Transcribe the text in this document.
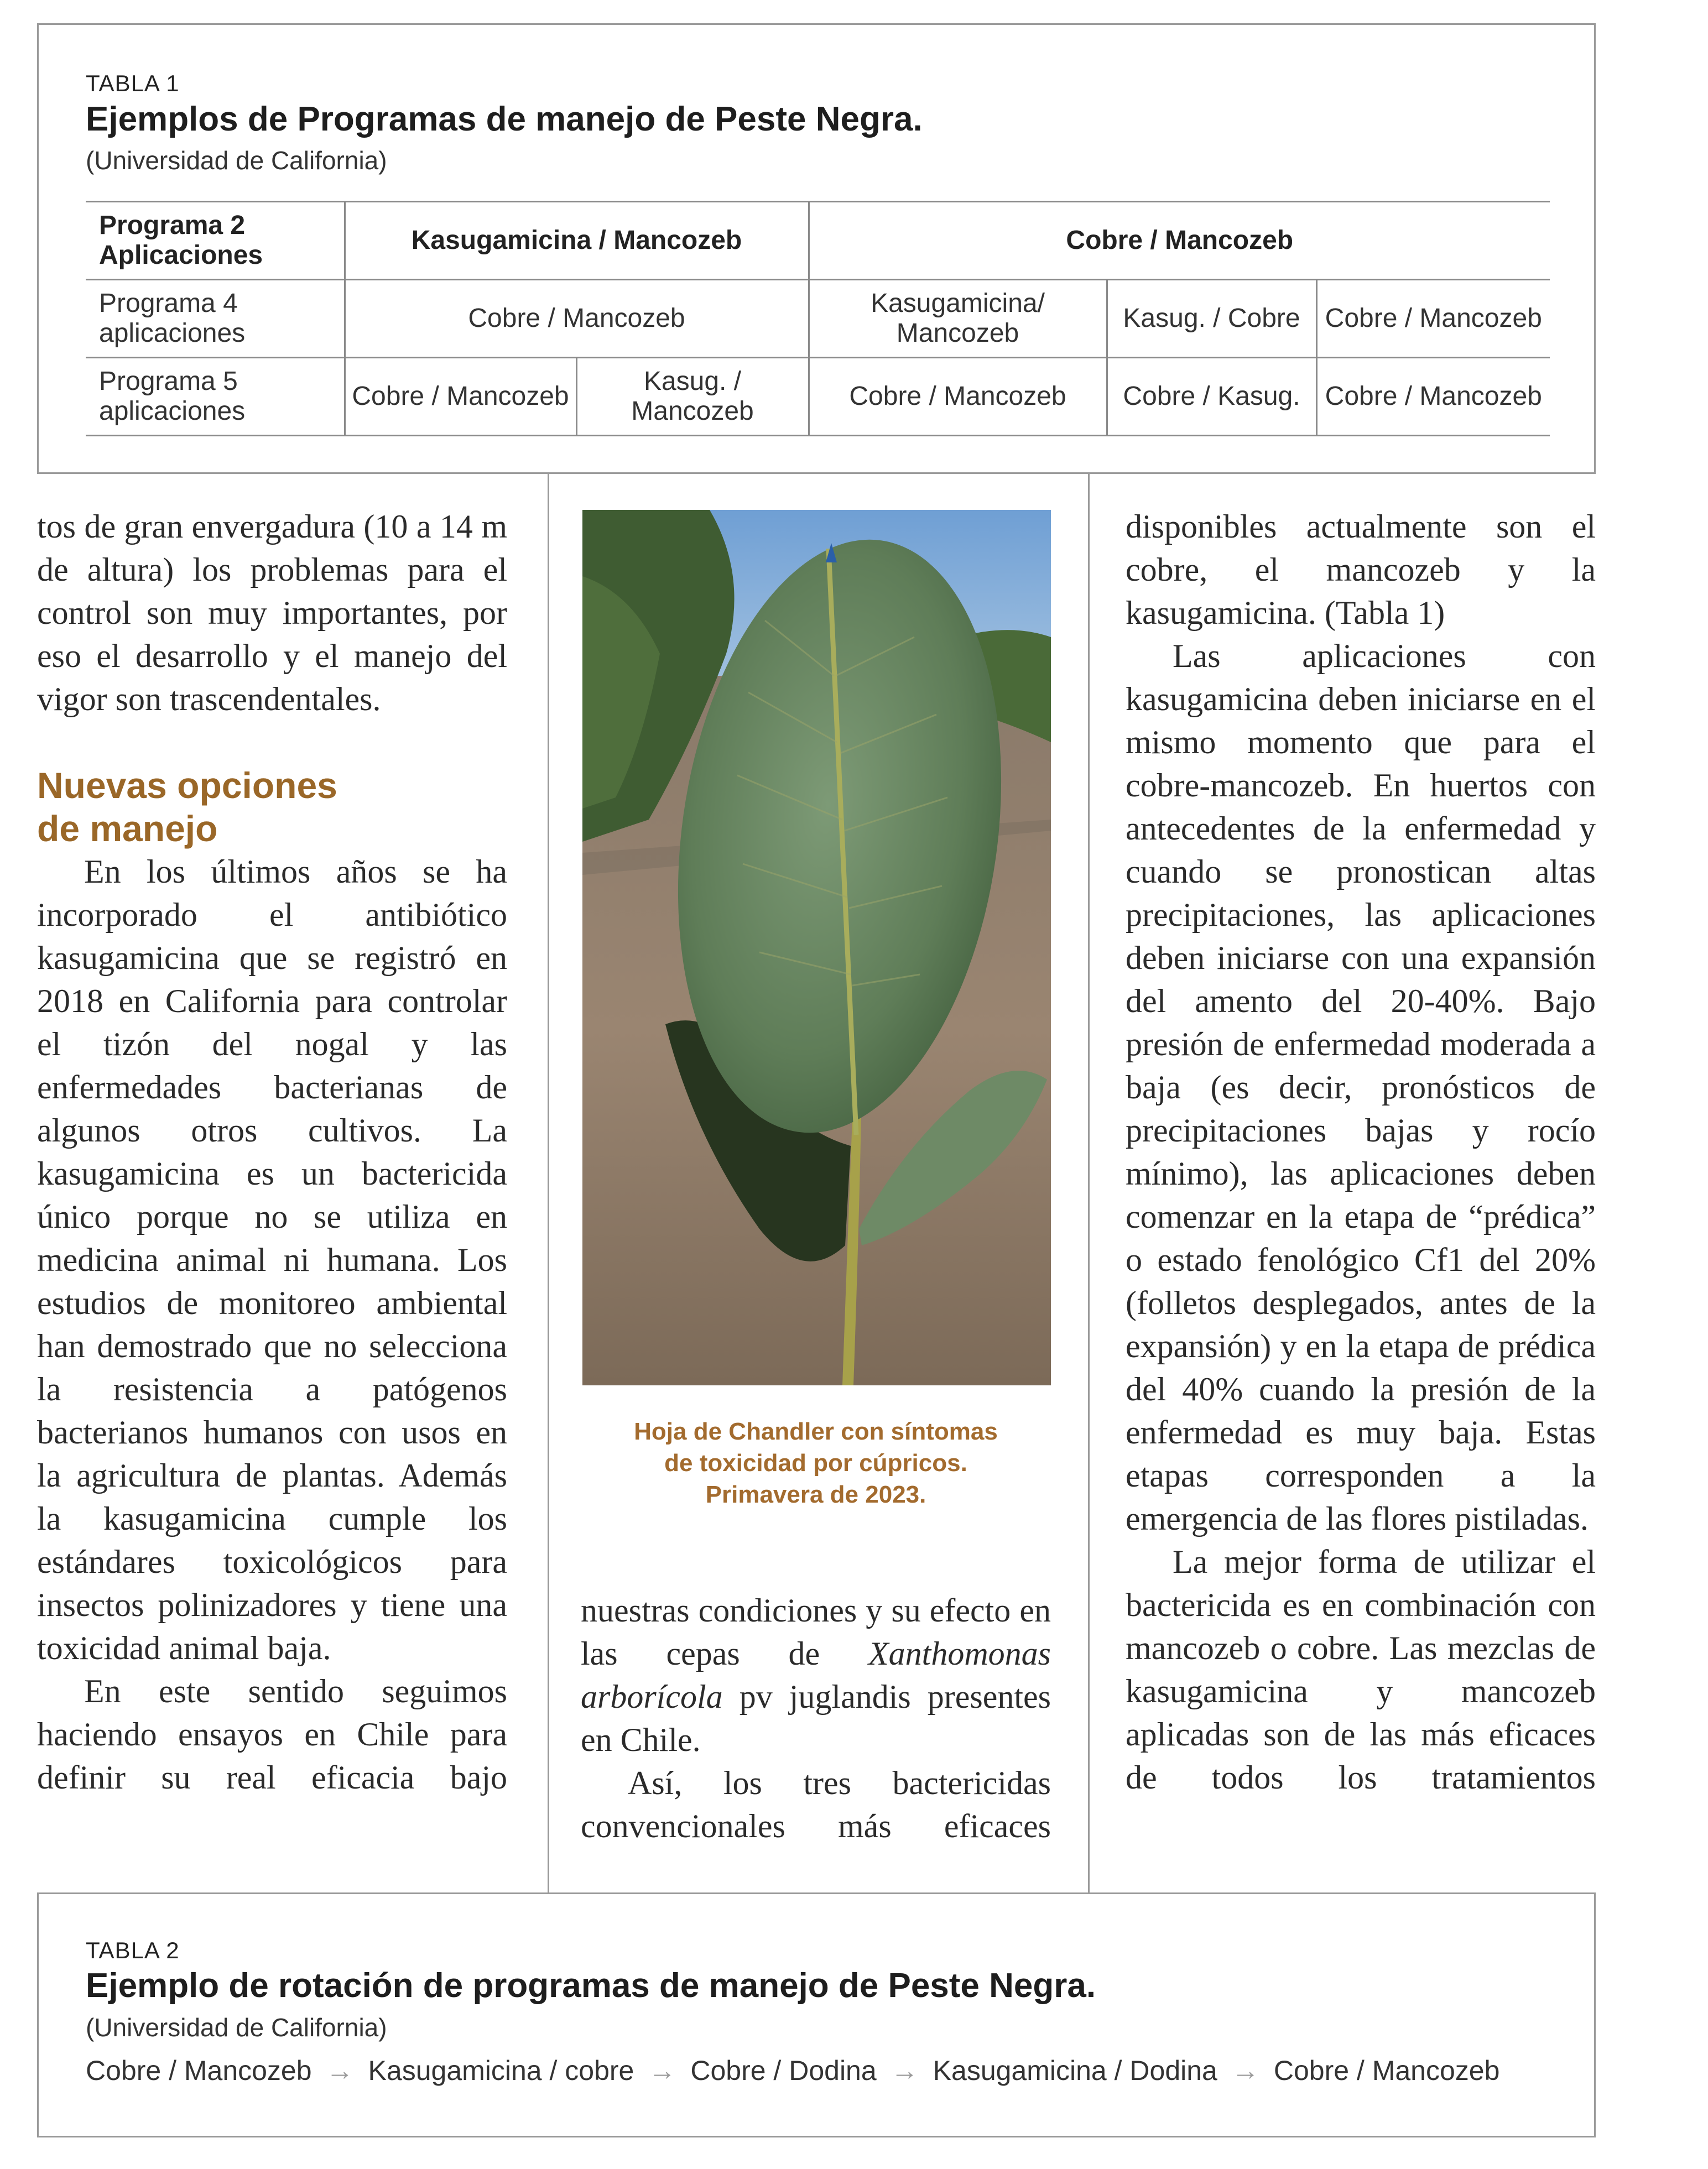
TABLA 1
Ejemplos de Programas de manejo de Peste Negra.
(Universidad de California)
Programa 2 Aplicaciones	Kasugamicina / Mancozeb		Cobre / Mancozeb		
Programa 4 aplicaciones	Cobre / Mancozeb		Kasugamicina/ Mancozeb	Kasug. / Cobre	Cobre / Mancozeb
Programa 5 aplicaciones	Cobre / Mancozeb	Kasug. / Mancozeb	Cobre / Mancozeb	Cobre / Kasug.	Cobre / Mancozeb

tos de gran envergadura (10 a 14 m de altura) los problemas para el control son muy importantes, por eso el desarrollo y el manejo del vigor son trascendentales.

Nuevas opciones

de manejo

En los últimos años se ha incorporado el antibiótico kasugamicina que se registró en 2018 en California para controlar el tizón del nogal y las enfermedades bacterianas de algunos otros cultivos. La kasugamicina es un bactericida único porque no se utiliza en medicina animal ni humana. Los estudios de monitoreo ambiental han demostrado que no selecciona la resistencia a patógenos bacterianos humanos con usos en la agricultura de plantas. Además la kasugamicina cumple los estándares toxicológicos para insectos polinizadores y tiene una toxicidad animal baja.

En este sentido seguimos haciendo ensayos en Chile para definir su real eficacia bajo

Hoja de Chandler con síntomas
de toxicidad por cúpricos.
Primavera de 2023.

nuestras condiciones y su efecto en las cepas de Xanthomonas arborícola pv juglandis presentes en Chile.

Así, los tres bactericidas convencionales más eficaces

disponibles actualmente son el cobre, el mancozeb y la kasugamicina. (Tabla 1)

Las aplicaciones con kasugamicina deben iniciarse en el mismo momento que para el cobre-mancozeb. En huertos con antecedentes de la enfermedad y cuando se pronostican altas precipitaciones, las aplicaciones deben iniciarse con una expansión del amento del 20-40%. Bajo presión de enfermedad moderada a baja (es decir, pronósticos de precipitaciones bajas y rocío mínimo), las aplicaciones deben comenzar en la etapa de “prédica” o estado fenológico Cf1 del 20% (folletos desplegados, antes de la expansión) y en la etapa de prédica del 40% cuando la presión de la enfermedad es muy baja. Estas etapas corresponden a la emergencia de las flores pistiladas.

La mejor forma de utilizar el bactericida es en combinación con mancozeb o cobre. Las mezclas de kasugamicina y mancozeb aplicadas son de las más eficaces de todos los tratamientos

TABLA 2
Ejemplo de rotación de programas de manejo de Peste Negra.
(Universidad de California)
Cobre / Mancozeb → Kasugamicina / cobre → Cobre / Dodina → Kasugamicina / Dodina → Cobre / Mancozeb
